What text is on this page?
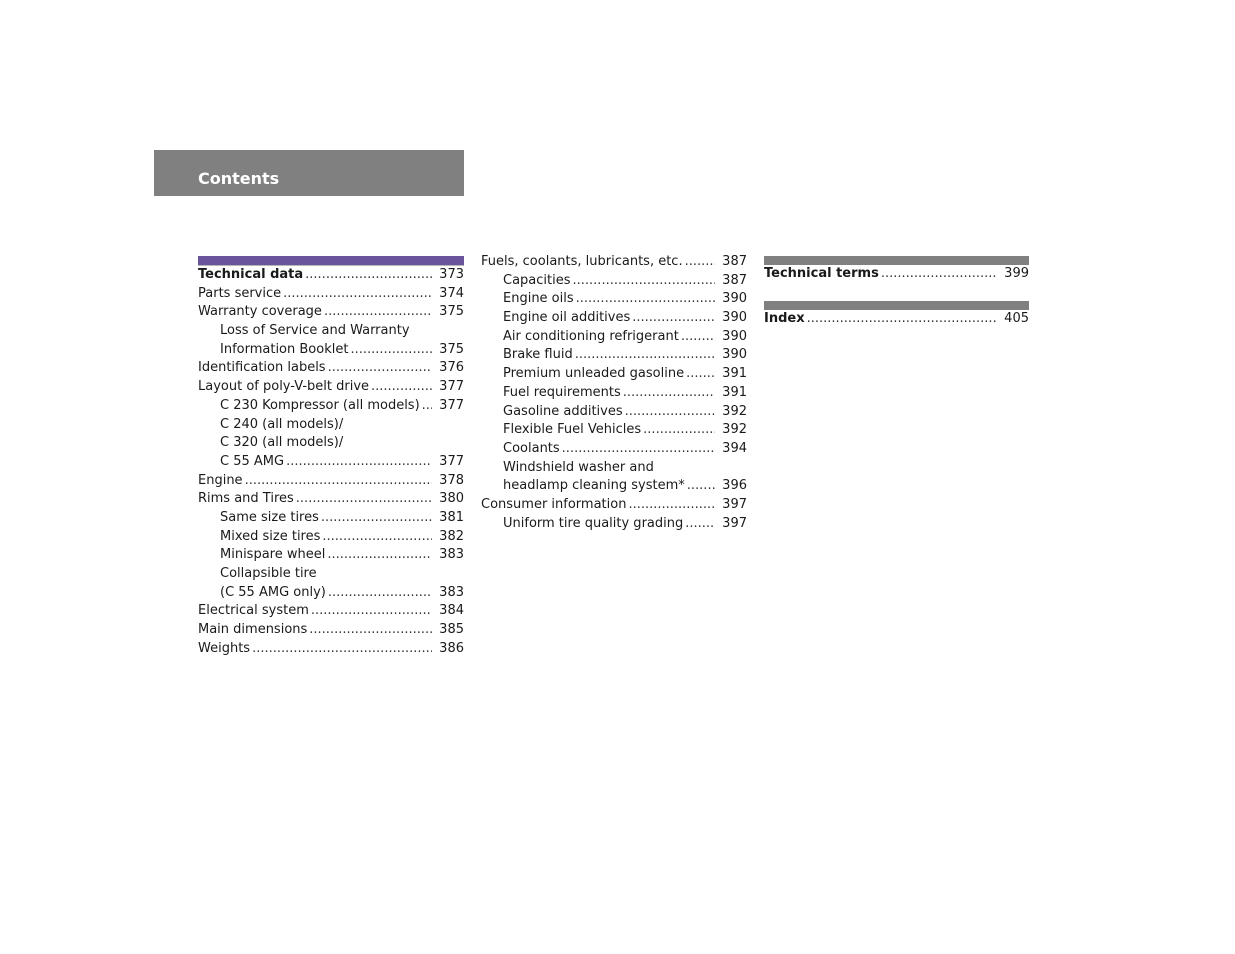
Contents
Technical data .....	373
Parts service .....	374
Warranty coverage .....	375
Loss of Service and Warranty
Information Booklet .....	375
Identification labels .....	376
Layout of poly-V-belt drive .....	377
C 230 Kompressor (all models) .....	377
C 240 (all models)/
C 320 (all models)/
C 55 AMG .....	377
Engine .....	378
Rims and Tires .....	380
Same size tires .....	381
Mixed size tires .....	382
Minispare wheel .....	383
Collapsible tire
(C 55 AMG only) .....	383
Electrical system .....	384
Main dimensions .....	385
Weights .....	386
Fuels, coolants, lubricants, etc. .....	387
Capacities .....	387
Engine oils .....	390
Engine oil additives .....	390
Air conditioning refrigerant .....	390
Brake fluid .....	390
Premium unleaded gasoline .....	391
Fuel requirements .....	391
Gasoline additives .....	392
Flexible Fuel Vehicles .....	392
Coolants .....	394
Windshield washer and
headlamp cleaning system* .....	396
Consumer information .....	397
Uniform tire quality grading .....	397
Technical terms .....	399
Index .....	405
